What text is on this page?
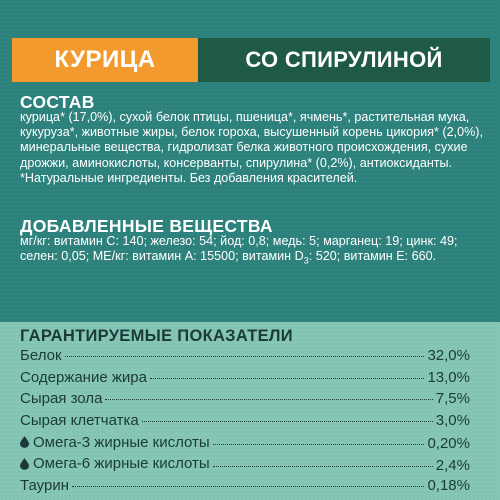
КУРИЦА	СО СПИРУЛИНОЙ
СОСТАВ
курица* (17,0%), сухой белок птицы, пшеница*, ячмень*, растительная мука, кукуруза*, животные жиры, белок гороха, высушенный корень цикория* (2,0%), минеральные вещества, гидролизат белка животного происхождения, сухие дрожжи, аминокислоты, консерванты, спирулина* (0,2%), антиоксиданты.
*Натуральные ингредиенты. Без добавления красителей.
ДОБАВЛЕННЫЕ ВЕЩЕСТВА
мг/кг: витамин С: 140; железо: 54; йод: 0,8; медь: 5; марганец: 19; цинк: 49; селен: 0,05; МЕ/кг: витамин А: 15500; витамин $D_3$: 520; витамин Е: 660.
ГАРАНТИРУЕМЫЕ ПОКАЗАТЕЛИ
Белок	32,0%
Содержание жира	13,0%
Сырая зола	7,5%
Сырая клетчатка	3,0%
Омега-3 жирные кислоты	0,20%
Омега-6 жирные кислоты	2,4%
Таурин	0,18%
